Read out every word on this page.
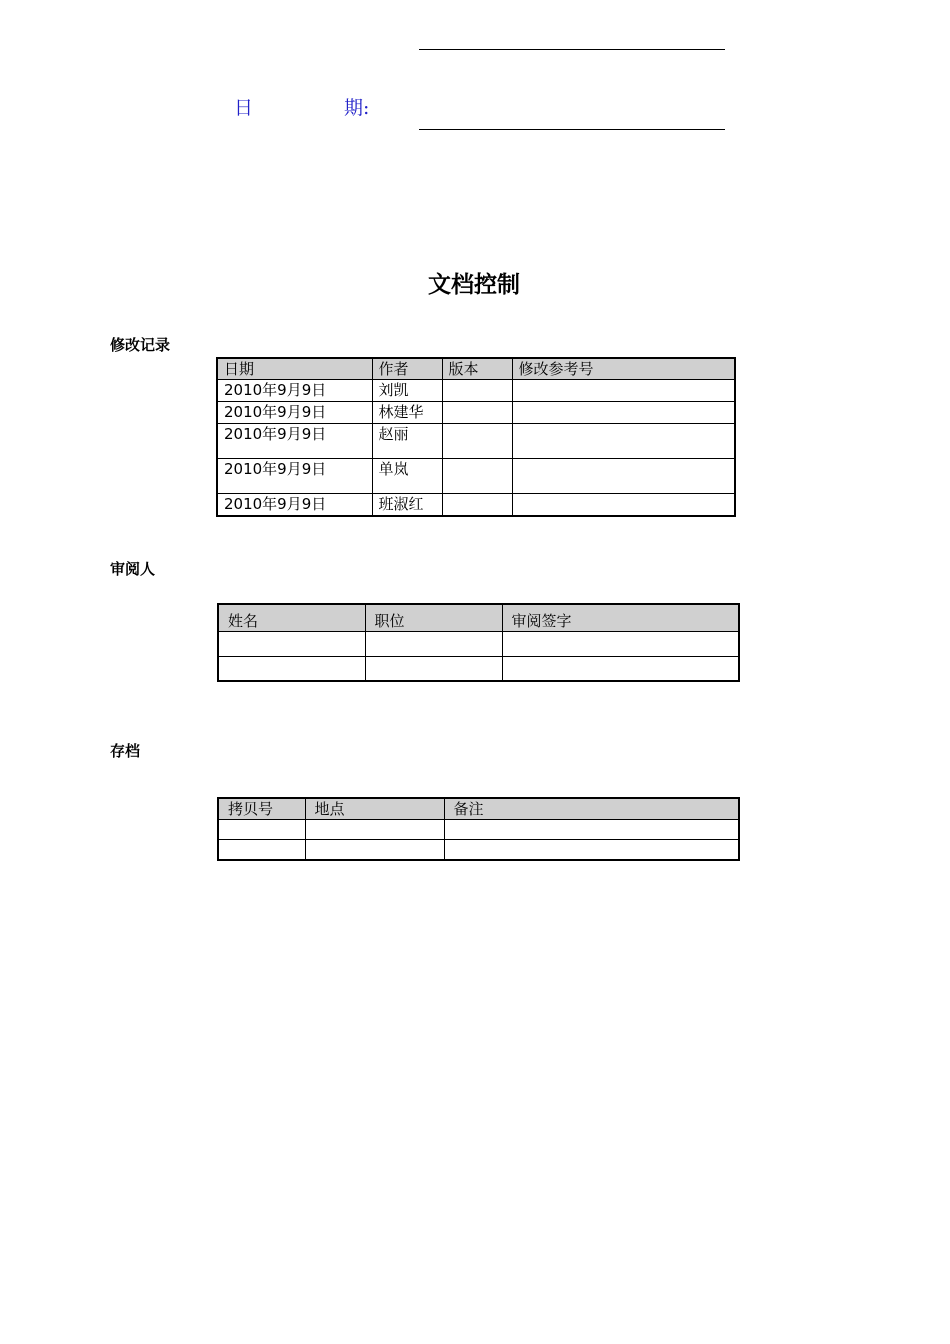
日	期:
文档控制
修改记录
日期	作者	版本	修改参考号
2010年9月9日	刘凯		
2010年9月9日	林建华		
2010年9月9日	赵丽		
2010年9月9日	单岚		
2010年9月9日	班淑红		
审阅人
姓名	职位	审阅签字

存档
拷贝号	地点	备注
